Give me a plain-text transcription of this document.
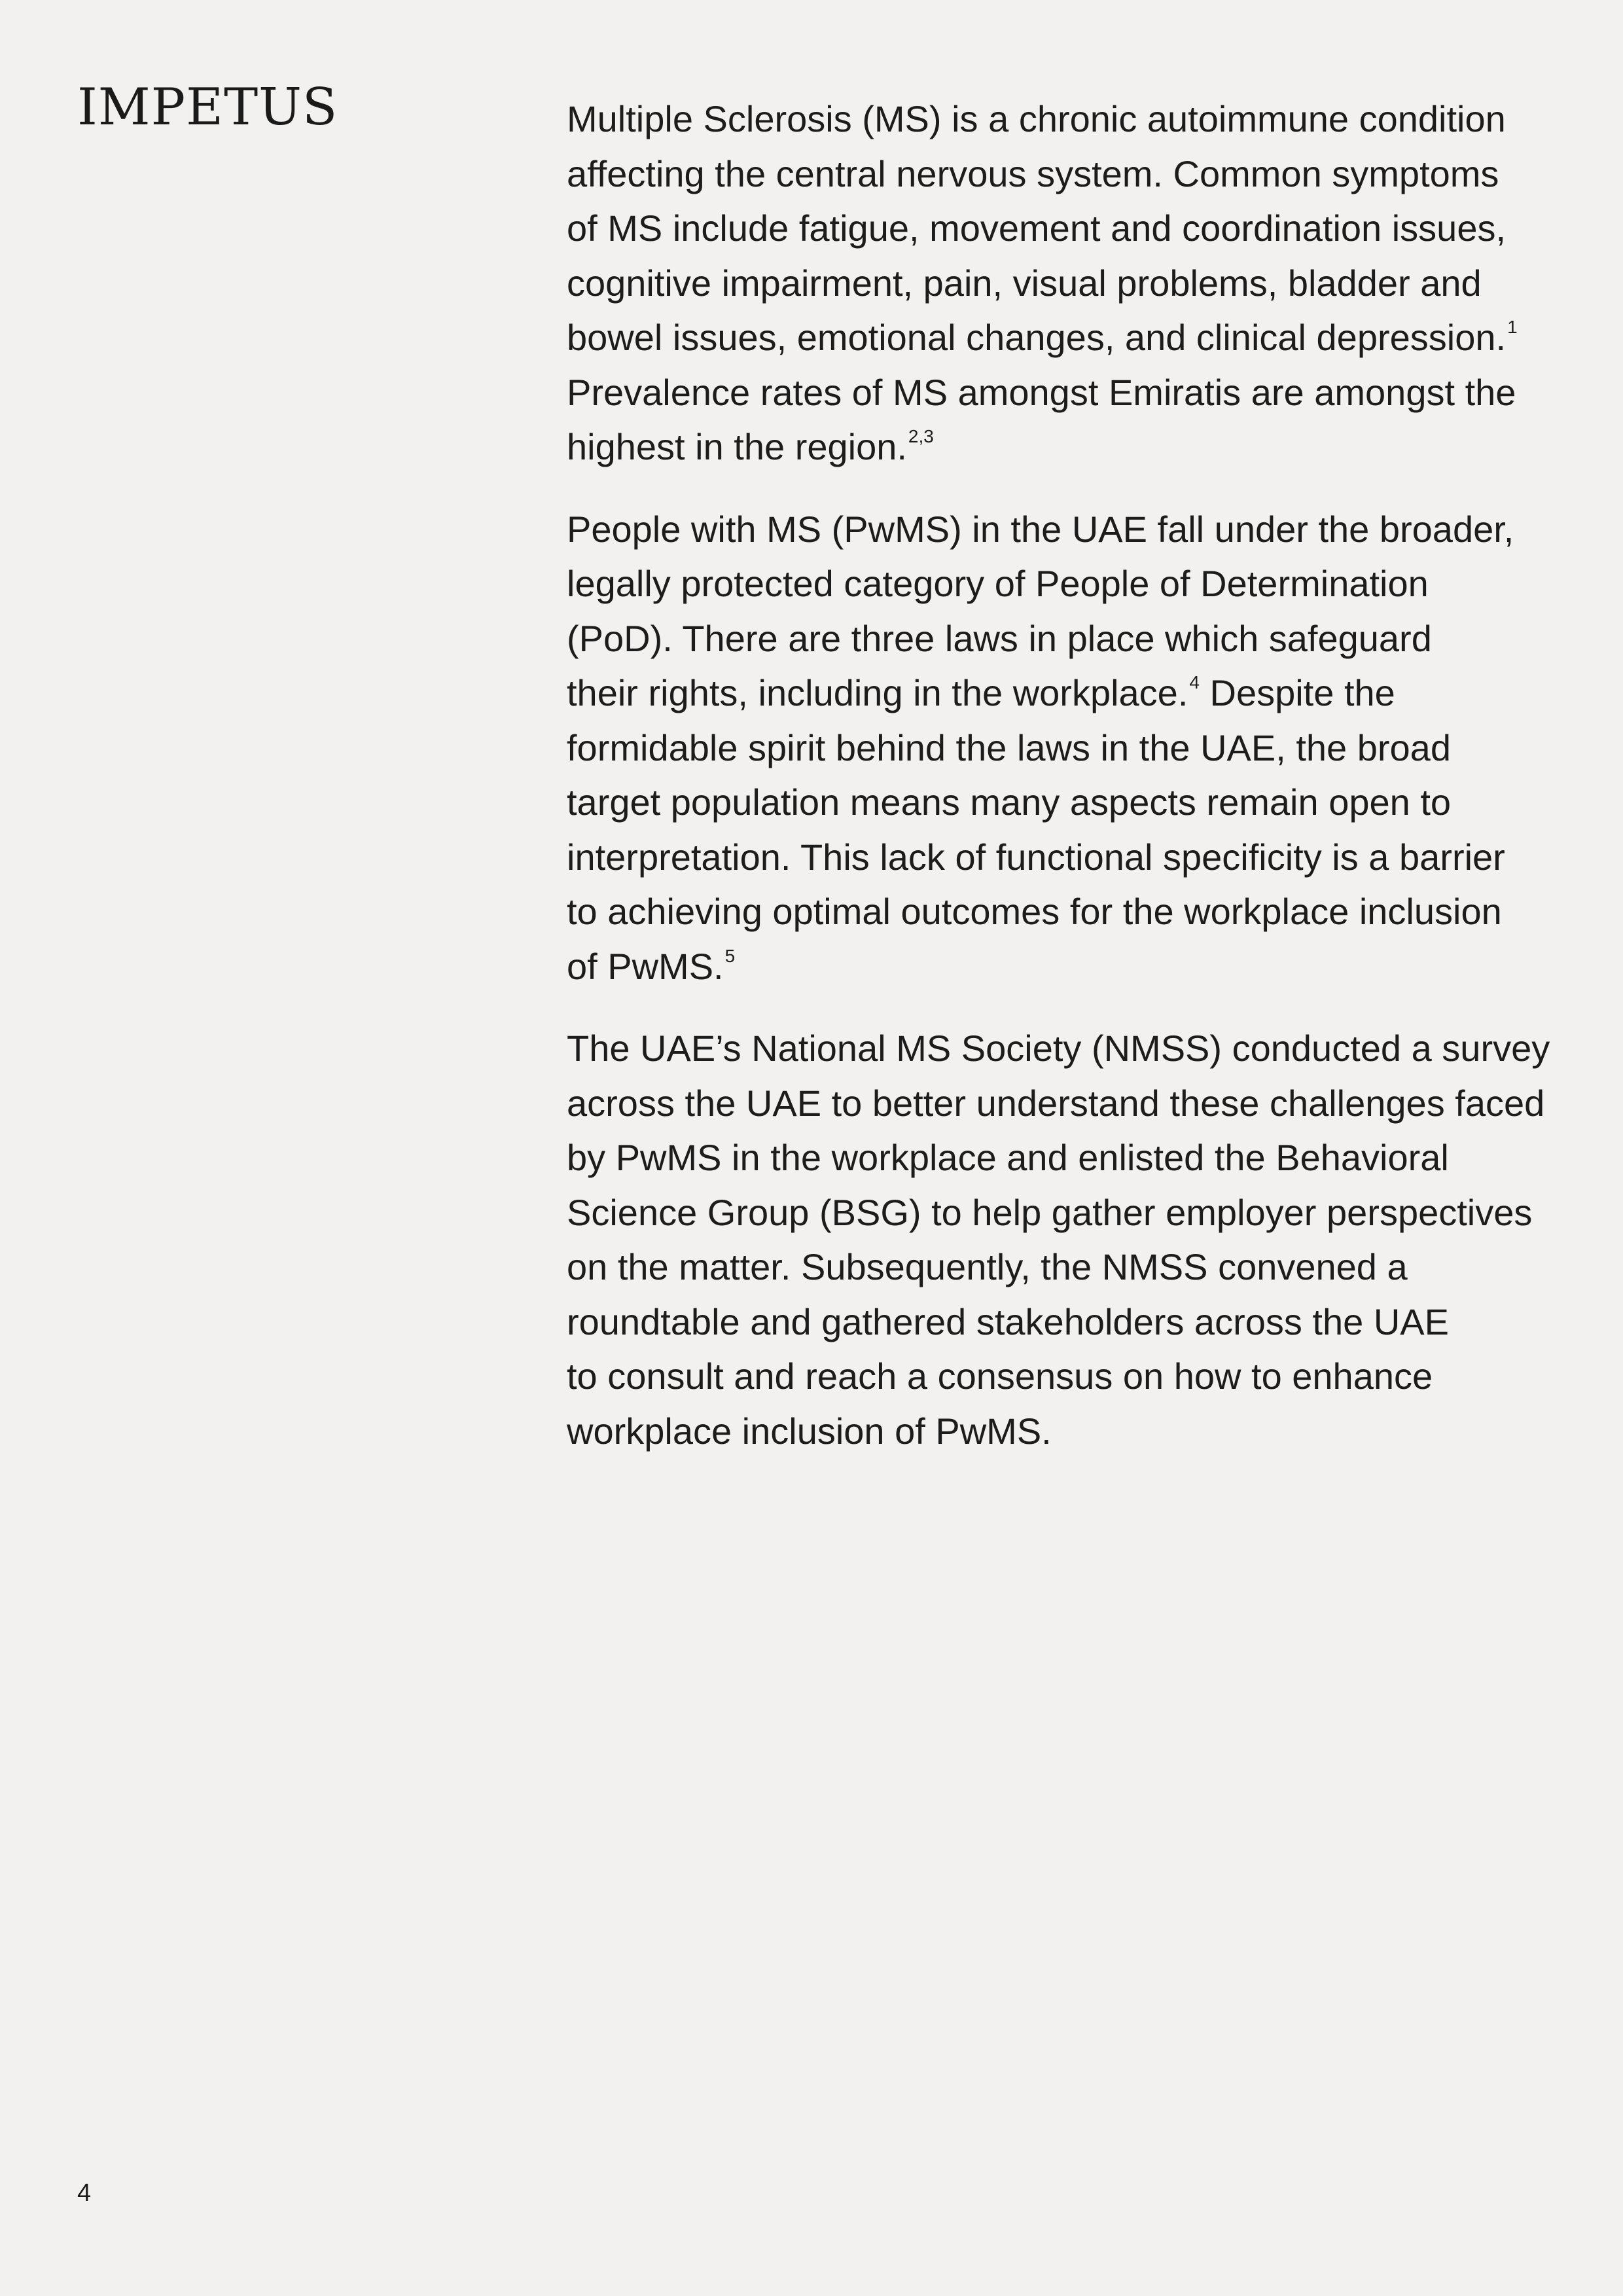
IMPETUS	Multiple Sclerosis (MS) is a chronic autoimmune condition
affecting the central nervous system. Common symptoms
of MS include fatigue, movement and coordination issues,
cognitive impairment, pain, visual problems, bladder and
bowel issues, emotional changes, and clinical depression.$^1$
Prevalence rates of MS amongst Emiratis are amongst the
highest in the region.$^{2,3}$

People with MS (PwMS) in the UAE fall under the broader,
legally protected category of People of Determination
(PoD). There are three laws in place which safeguard
their rights, including in the workplace.$^4$ Despite the
formidable spirit behind the laws in the UAE, the broad
target population means many aspects remain open to
interpretation. This lack of functional specificity is a barrier
to achieving optimal outcomes for the workplace inclusion
of PwMS.$^5$

The UAE’s National MS Society (NMSS) conducted a survey
across the UAE to better understand these challenges faced
by PwMS in the workplace and enlisted the Behavioral
Science Group (BSG) to help gather employer perspectives
on the matter. Subsequently, the NMSS convened a
roundtable and gathered stakeholders across the UAE
to consult and reach a consensus on how to enhance
workplace inclusion of PwMS.

4
